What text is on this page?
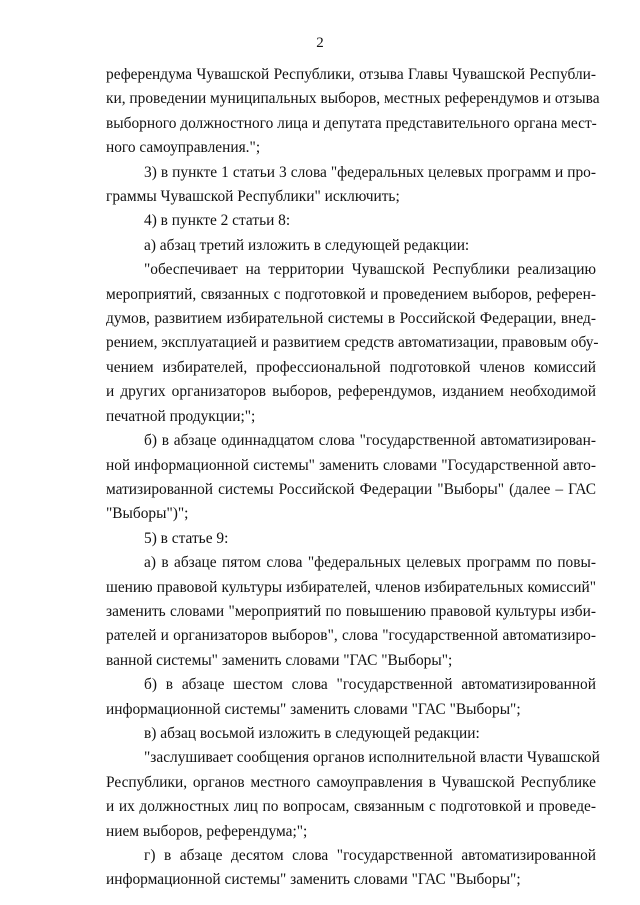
2

референдума Чувашской Республики, отзыва Главы Чувашской Республи-
ки, проведении муниципальных выборов, местных референдумов и отзыва
выборного должностного лица и депутата представительного органа мест-
ного самоуправления.";

3) в пункте 1 статьи 3 слова "федеральных целевых программ и про-
граммы Чувашской Республики" исключить;

4) в пункте 2 статьи 8:

а) абзац третий изложить в следующей редакции:

"обеспечивает на территории Чувашской Республики реализацию
мероприятий, связанных с подготовкой и проведением выборов, референ-
думов, развитием избирательной системы в Российской Федерации, внед-
рением, эксплуатацией и развитием средств автоматизации, правовым обу-
чением избирателей, профессиональной подготовкой членов комиссий
и других организаторов выборов, референдумов, изданием необходимой
печатной продукции;";

б) в абзаце одиннадцатом слова "государственной автоматизирован-
ной информационной системы" заменить словами "Государственной авто-
матизированной системы Российской Федерации "Выборы" (далее – ГАС
"Выборы")";

5) в статье 9:

а) в абзаце пятом слова "федеральных целевых программ по повы-
шению правовой культуры избирателей, членов избирательных комиссий"
заменить словами "мероприятий по повышению правовой культуры изби-
рателей и организаторов выборов", слова "государственной автоматизиро-
ванной системы" заменить словами "ГАС "Выборы";

б) в абзаце шестом слова "государственной автоматизированной
информационной системы" заменить словами "ГАС "Выборы";

в) абзац восьмой изложить в следующей редакции:

"заслушивает сообщения органов исполнительной власти Чувашской
Республики, органов местного самоуправления в Чувашской Республике
и их должностных лиц по вопросам, связанным с подготовкой и проведе-
нием выборов, референдума;";

г) в абзаце десятом слова "государственной автоматизированной
информационной системы" заменить словами "ГАС "Выборы";
